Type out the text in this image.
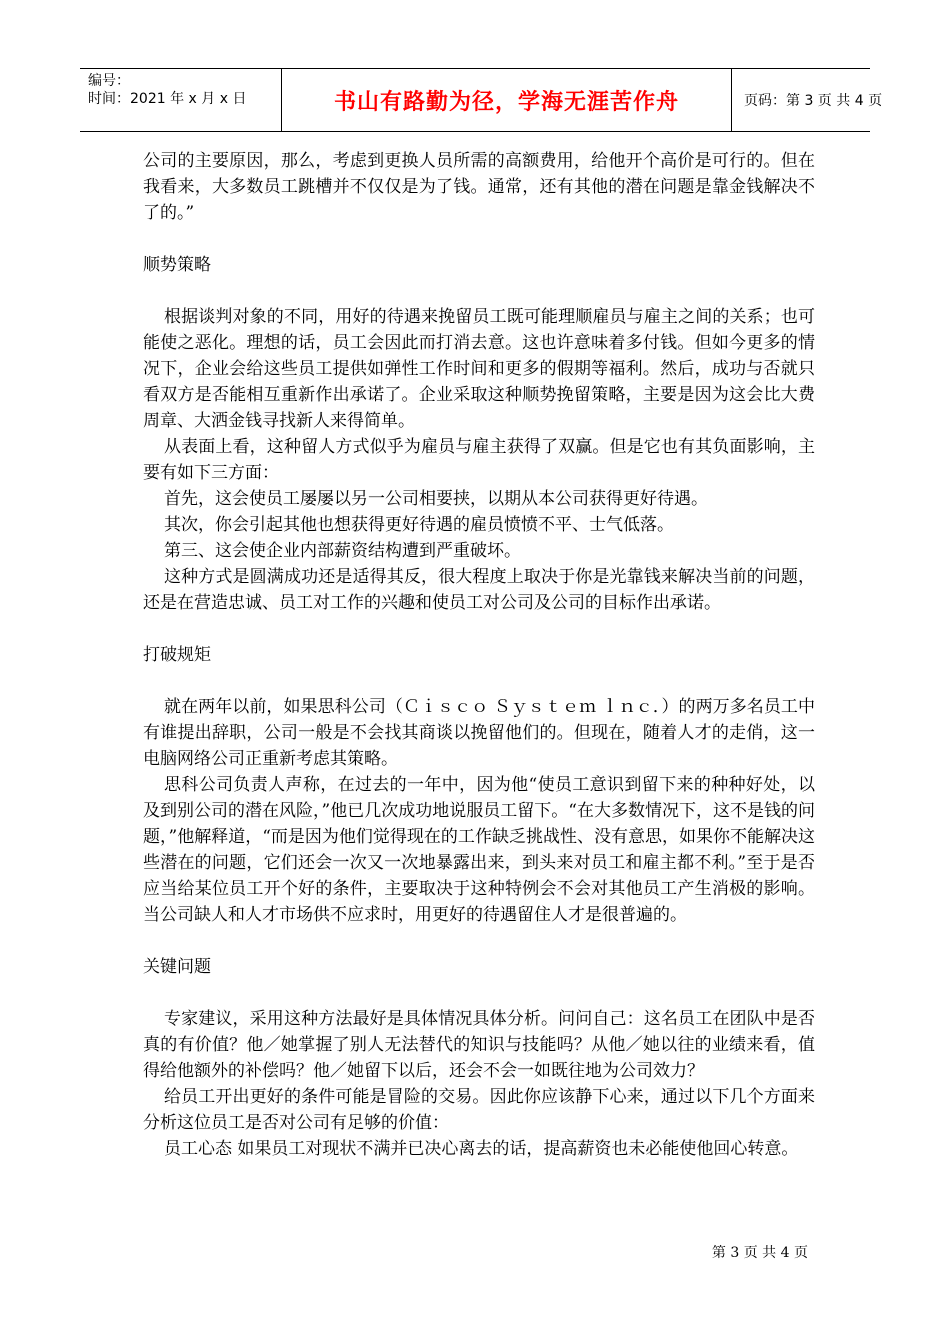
编号：
时间：2021 年 x 月 x 日	书山有路勤为径，学海无涯苦作舟	页码：第 3 页 共 4 页

公司的主要原因，那么，考虑到更换人员所需的高额费用，给他开个高价是可行的。但在我看来，大多数员工跳槽并不仅仅是为了钱。通常，还有其他的潜在问题是靠金钱解决不了的。”

顺势策略

根据谈判对象的不同，用好的待遇来挽留员工既可能理顺雇员与雇主之间的关系；也可能使之恶化。理想的话，员工会因此而打消去意。这也许意味着多付钱。但如今更多的情况下，企业会给这些员工提供如弹性工作时间和更多的假期等福利。然后，成功与否就只看双方是否能相互重新作出承诺了。企业采取这种顺势挽留策略，主要是因为这会比大费周章、大洒金钱寻找新人来得简单。

从表面上看，这种留人方式似乎为雇员与雇主获得了双赢。但是它也有其负面影响，主要有如下三方面：

首先，这会使员工屡屡以另一公司相要挟，以期从本公司获得更好待遇。

其次，你会引起其他也想获得更好待遇的雇员愤愤不平、士气低落。

第三、这会使企业内部薪资结构遭到严重破坏。

这种方式是圆满成功还是适得其反，很大程度上取决于你是光靠钱来解决当前的问题，还是在营造忠诚、员工对工作的兴趣和使员工对公司及公司的目标作出承诺。

打破规矩

就在两年以前，如果思科公司（Ｃｉｓｃｏ Ｓｙｓｔｅｍ ｌｎｃ．）的两万多名员工中有谁提出辞职，公司一般是不会找其商谈以挽留他们的。但现在，随着人才的走俏，这一电脑网络公司正重新考虑其策略。

思科公司负责人声称，在过去的一年中，因为他“使员工意识到留下来的种种好处，以及到别公司的潜在风险，”他已几次成功地说服员工留下。“在大多数情况下，这不是钱的问题，”他解释道，“而是因为他们觉得现在的工作缺乏挑战性、没有意思，如果你不能解决这些潜在的问题，它们还会一次又一次地暴露出来，到头来对员工和雇主都不利。”至于是否应当给某位员工开个好的条件，主要取决于这种特例会不会对其他员工产生消极的影响。当公司缺人和人才市场供不应求时，用更好的待遇留住人才是很普遍的。

关键问题

专家建议，采用这种方法最好是具体情况具体分析。问问自己：这名员工在团队中是否真的有价值？他／她掌握了别人无法替代的知识与技能吗？从他／她以往的业绩来看，值得给他额外的补偿吗？他／她留下以后，还会不会一如既往地为公司效力？

给员工开出更好的条件可能是冒险的交易。因此你应该静下心来，通过以下几个方面来分析这位员工是否对公司有足够的价值：

员工心态 如果员工对现状不满并已决心离去的话，提高薪资也未必能使他回心转意。

第 3 页 共 4 页
